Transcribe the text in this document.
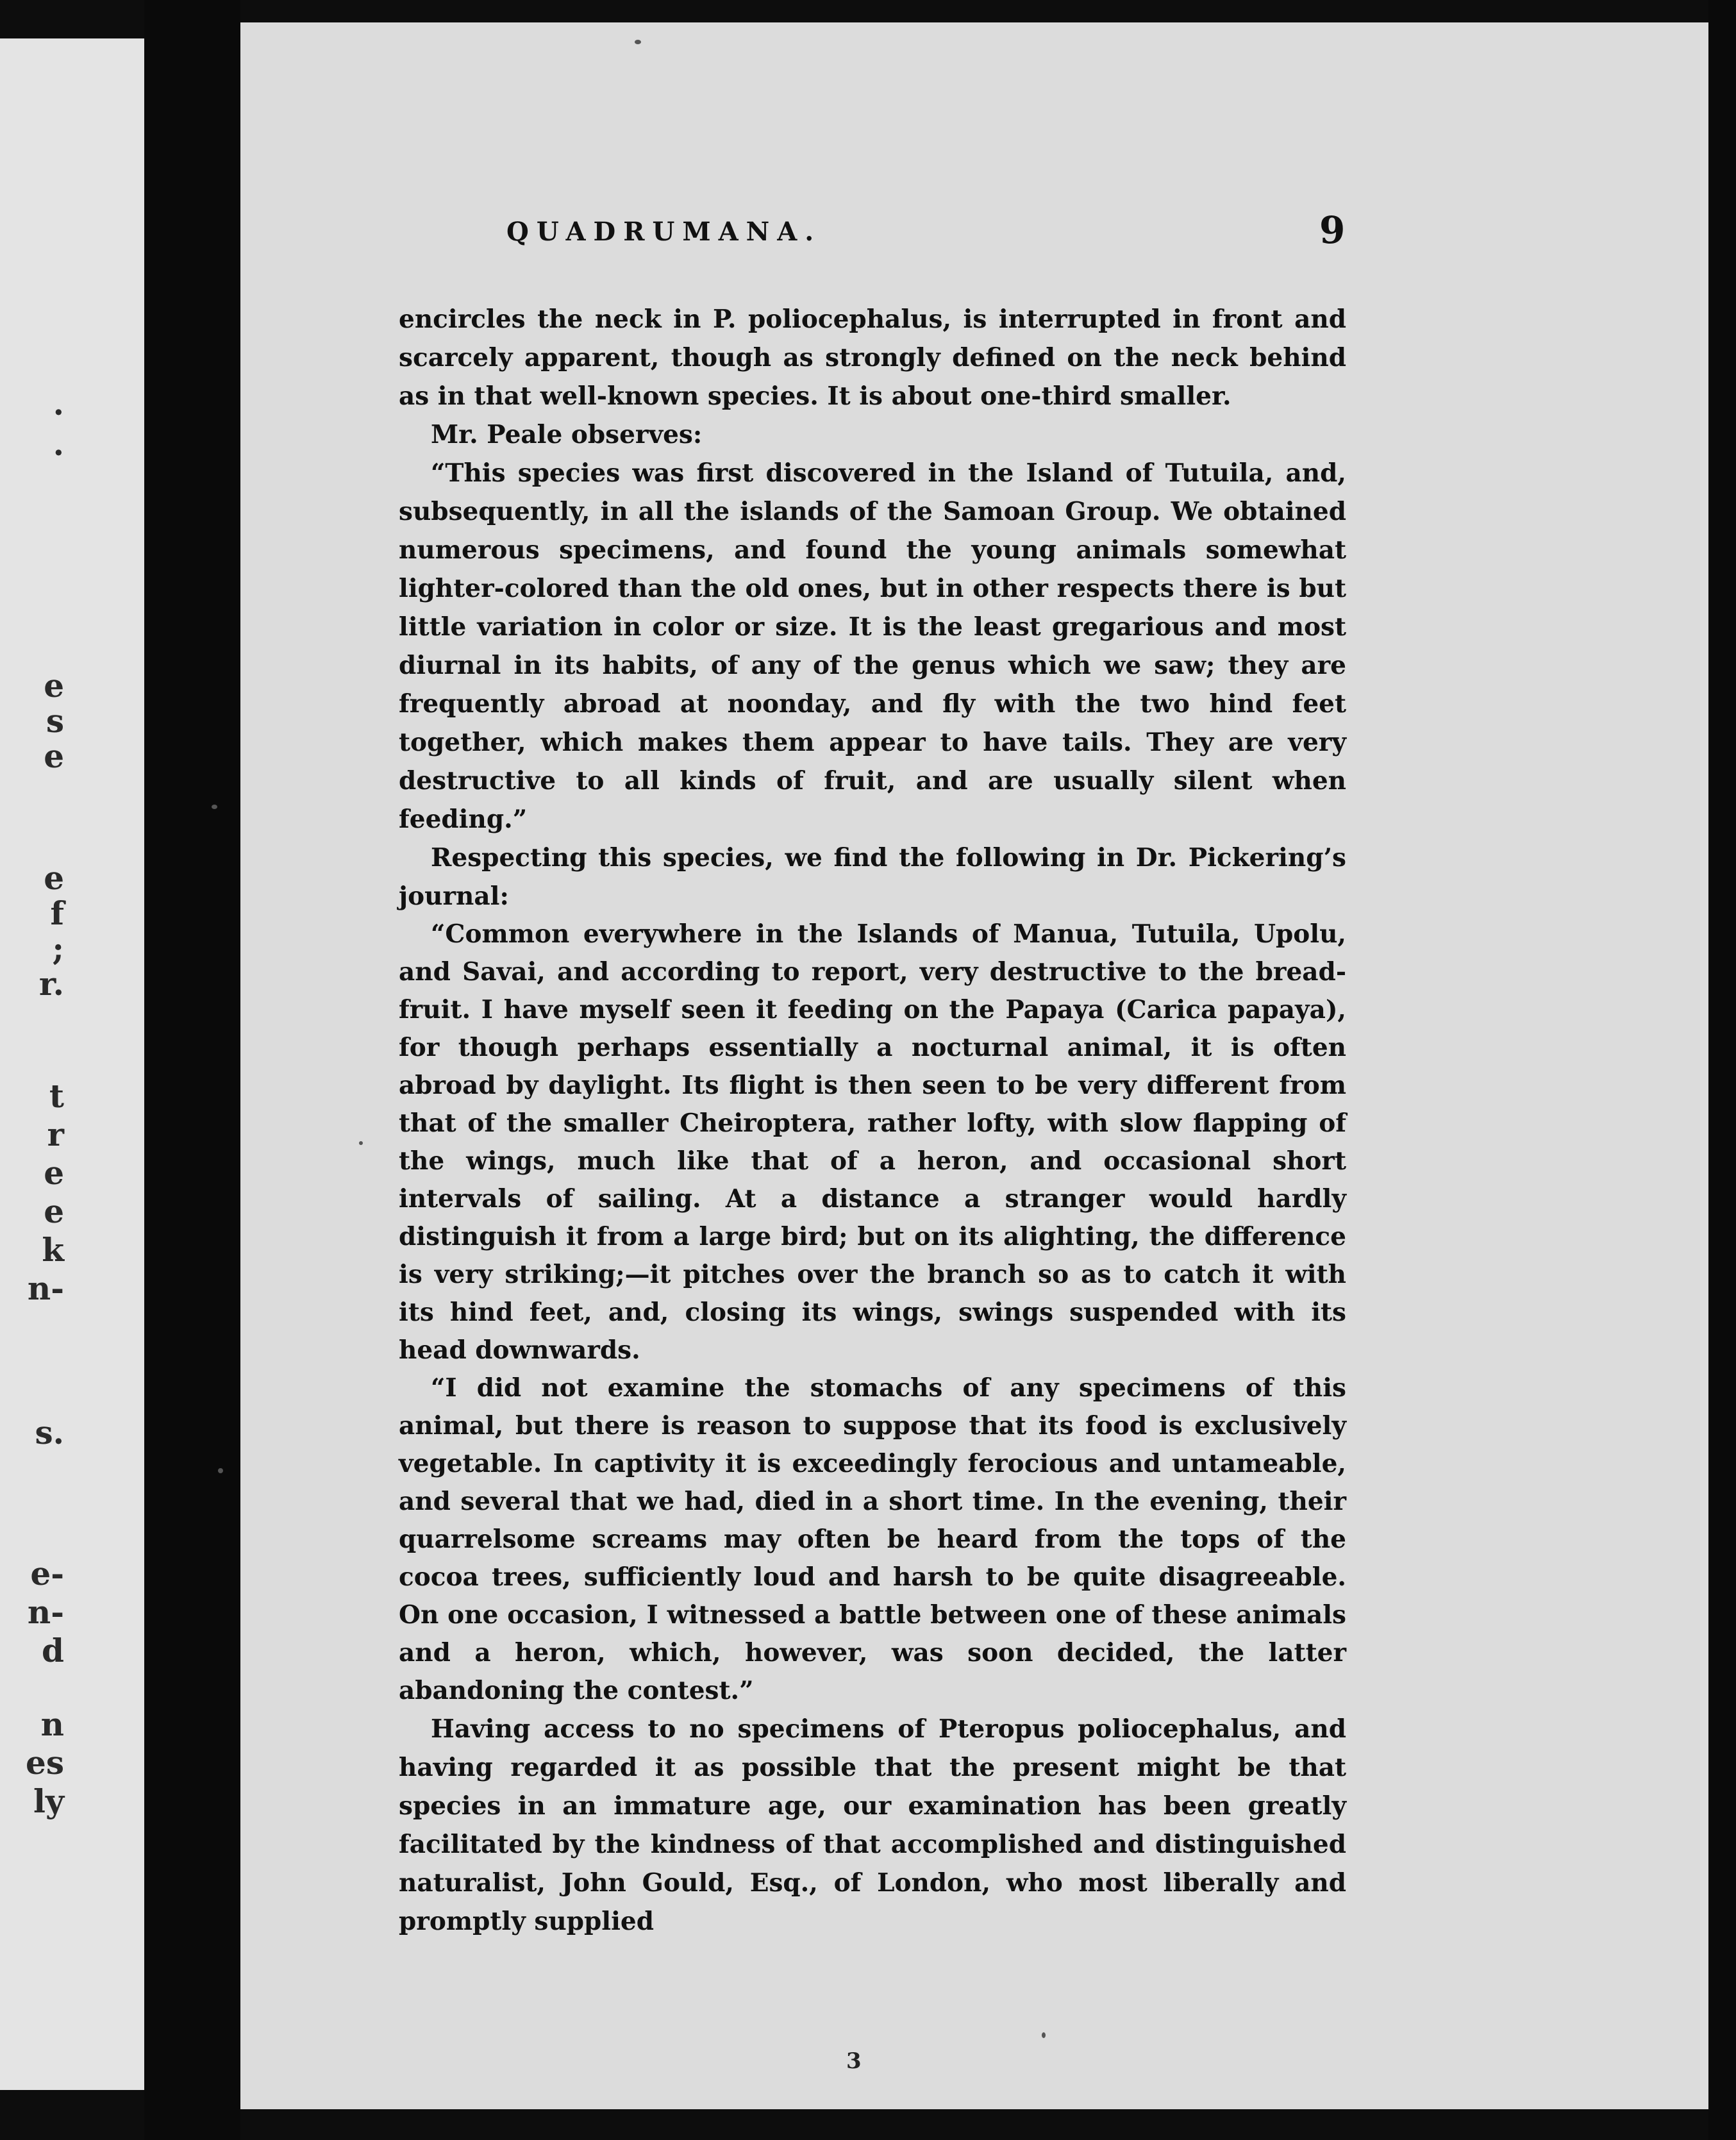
.
.
e
s
e
e
f
;
r.
t
r
e
e
k
n-
s.
e-
n-
d
n
es
ly
QUADRUMANA.	9

encircles the neck in P. poliocephalus, is interrupted in front and scarcely apparent, though as strongly defined on the neck behind as in that well-known species. It is about one-third smaller.

Mr. Peale observes:

“This species was first discovered in the Island of Tutuila, and, subsequently, in all the islands of the Samoan Group. We obtained numerous specimens, and found the young animals somewhat lighter-colored than the old ones, but in other respects there is but little variation in color or size. It is the least gregarious and most diurnal in its habits, of any of the genus which we saw; they are frequently abroad at noonday, and fly with the two hind feet together, which makes them appear to have tails. They are very destructive to all kinds of fruit, and are usually silent when feeding.”

Respecting this species, we find the following in Dr. Pickering’s journal:

“Common everywhere in the Islands of Manua, Tutuila, Upolu, and Savai, and according to report, very destructive to the bread-fruit. I have myself seen it feeding on the Papaya (Carica papaya), for though perhaps essentially a nocturnal animal, it is often abroad by daylight. Its flight is then seen to be very different from that of the smaller Cheiroptera, rather lofty, with slow flapping of the wings, much like that of a heron, and occasional short intervals of sailing. At a distance a stranger would hardly distinguish it from a large bird; but on its alighting, the difference is very striking;—it pitches over the branch so as to catch it with its hind feet, and, closing its wings, swings suspended with its head downwards.

“I did not examine the stomachs of any specimens of this animal, but there is reason to suppose that its food is exclusively vegetable. In captivity it is exceedingly ferocious and untameable, and several that we had, died in a short time. In the evening, their quarrelsome screams may often be heard from the tops of the cocoa trees, sufficiently loud and harsh to be quite disagreeable. On one occasion, I witnessed a battle between one of these animals and a heron, which, however, was soon decided, the latter abandoning the contest.”

Having access to no specimens of Pteropus poliocephalus, and having regarded it as possible that the present might be that species in an immature age, our examination has been greatly facilitated by the kindness of that accomplished and distinguished naturalist, John Gould, Esq., of London, who most liberally and promptly supplied

3
